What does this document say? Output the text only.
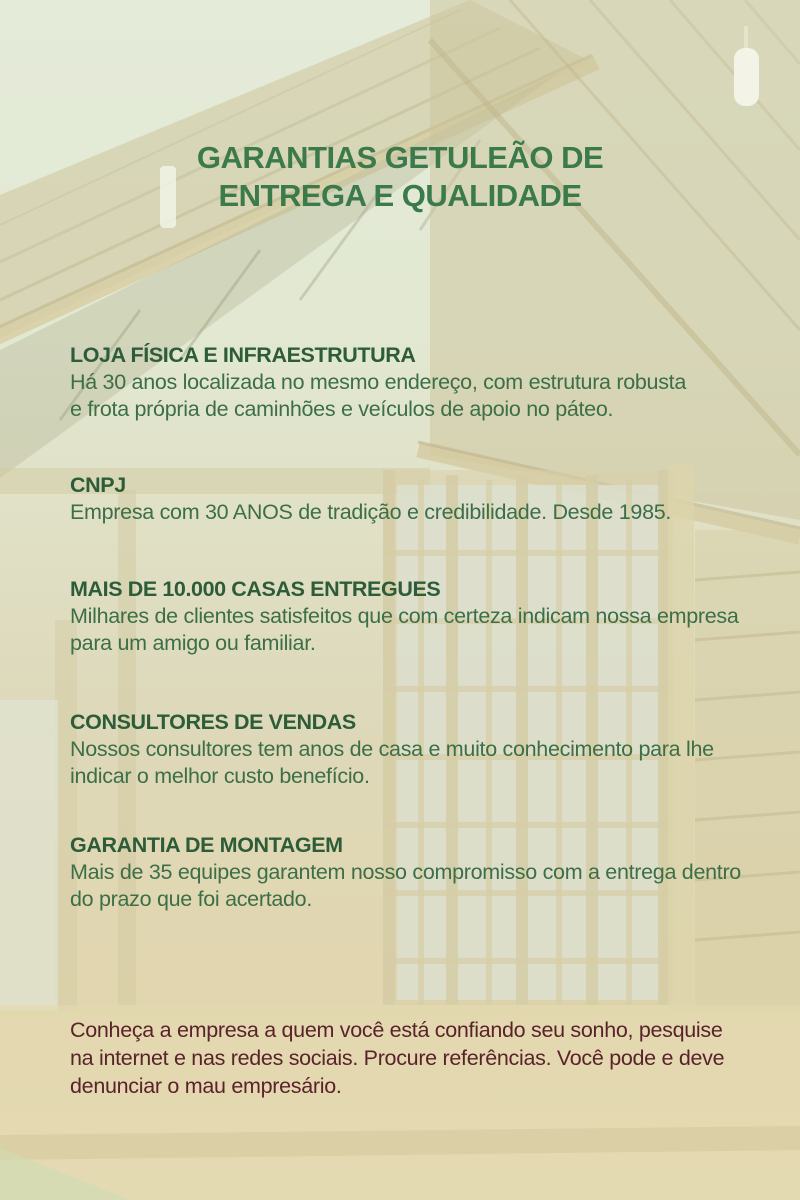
GARANTIAS GETULEÃO DE
ENTREGA E QUALIDADE
LOJA FÍSICA E INFRAESTRUTURA
Há 30 anos localizada no mesmo endereço, com estrutura robusta
e frota própria de caminhões e veículos de apoio no páteo.
CNPJ
Empresa com 30 ANOS de tradição e credibilidade. Desde 1985.
MAIS DE 10.000 CASAS ENTREGUES
Milhares de clientes satisfeitos que com certeza indicam nossa empresa
para um amigo ou familiar.
CONSULTORES DE VENDAS
Nossos consultores tem anos de casa e muito conhecimento para lhe
indicar o melhor custo benefício.
GARANTIA DE MONTAGEM
Mais de 35 equipes garantem nosso compromisso com a entrega dentro
do prazo que foi acertado.
Conheça a empresa a quem você está confiando seu sonho, pesquise
na internet e nas redes sociais. Procure referências. Você pode e deve
denunciar o mau empresário.
